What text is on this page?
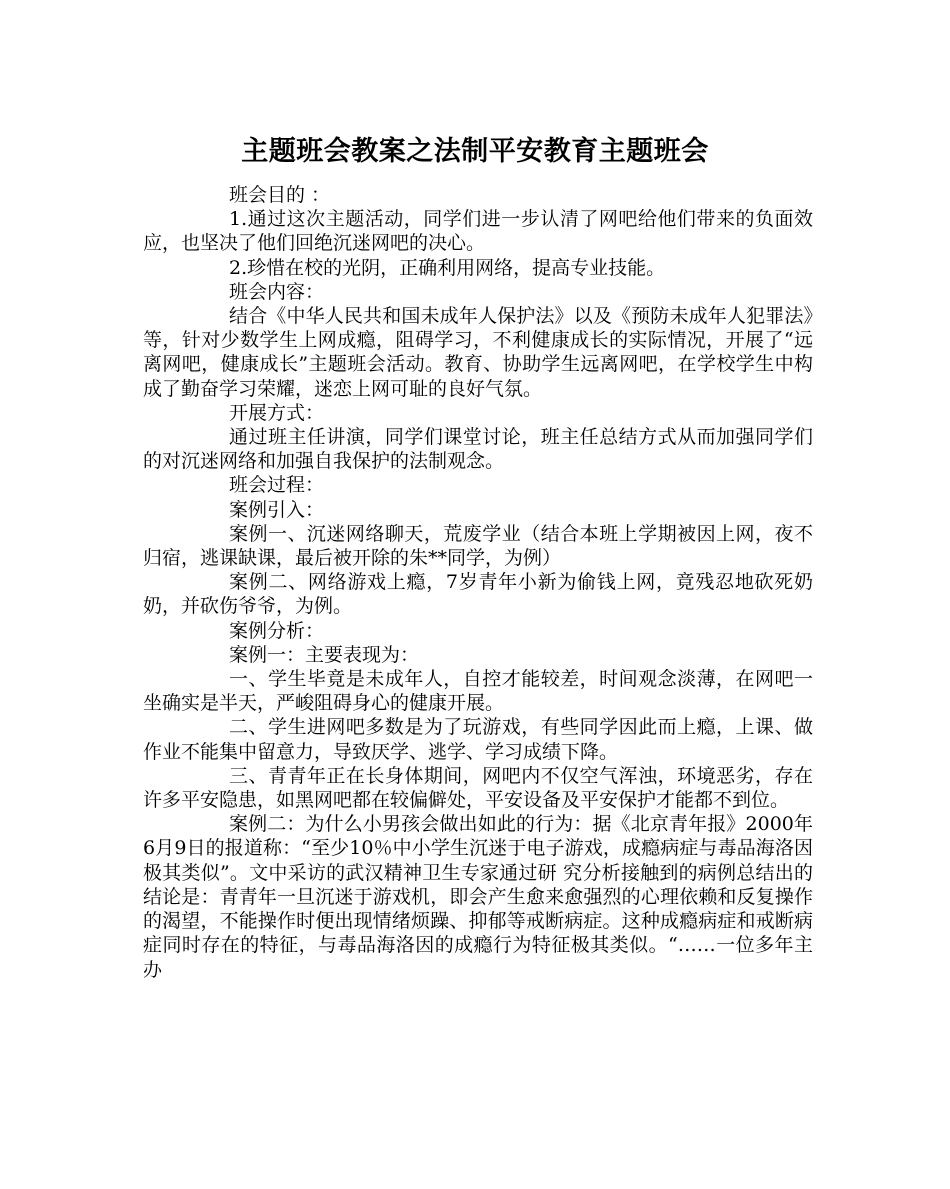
主题班会教案之法制平安教育主题班会

班会目的 ：

1.通过这次主题活动，同学们进一步认清了网吧给他们带来的负面效应，也坚决了他们回绝沉迷网吧的决心。

2.珍惜在校的光阴，正确利用网络，提高专业技能。

班会内容：

结合《中华人民共和国未成年人保护法》以及《预防未成年人犯罪法》等，针对少数学生上网成瘾，阻碍学习，不利健康成长的实际情况，开展了“远离网吧，健康成长”主题班会活动。教育、协助学生远离网吧，在学校学生中构成了勤奋学习荣耀，迷恋上网可耻的良好气氛。

开展方式：

通过班主任讲演，同学们课堂讨论，班主任总结方式从而加强同学们的对沉迷网络和加强自我保护的法制观念。

班会过程：

案例引入：

案例一、沉迷网络聊天，荒废学业（结合本班上学期被因上网，夜不归宿，逃课缺课，最后被开除的朱**同学，为例）

案例二、网络游戏上瘾，7岁青年小新为偷钱上网，竟残忍地砍死奶奶，并砍伤爷爷，为例。

案例分析：

案例一：主要表现为：

一、学生毕竟是未成年人，自控才能较差，时间观念淡薄，在网吧一坐确实是半天，严峻阻碍身心的健康开展。

二、学生进网吧多数是为了玩游戏，有些同学因此而上瘾，上课、做作业不能集中留意力，导致厌学、逃学、学习成绩下降。

三、青青年正在长身体期间，网吧内不仅空气浑浊，环境恶劣，存在许多平安隐患，如黑网吧都在较偏僻处，平安设备及平安保护才能都不到位。

案例二：为什么小男孩会做出如此的行为：据《北京青年报》2000年6月9日的报道称：“至少10％中小学生沉迷于电子游戏，成瘾病症与毒品海洛因极其类似”。文中采访的武汉精神卫生专家通过研 究分析接触到的病例总结出的结论是：青青年一旦沉迷于游戏机，即会产生愈来愈强烈的心理依赖和反复操作的渴望，不能操作时便出现情绪烦躁、抑郁等戒断病症。这种成瘾病症和戒断病症同时存在的特征，与毒品海洛因的成瘾行为特征极其类似。“……一位多年主办
